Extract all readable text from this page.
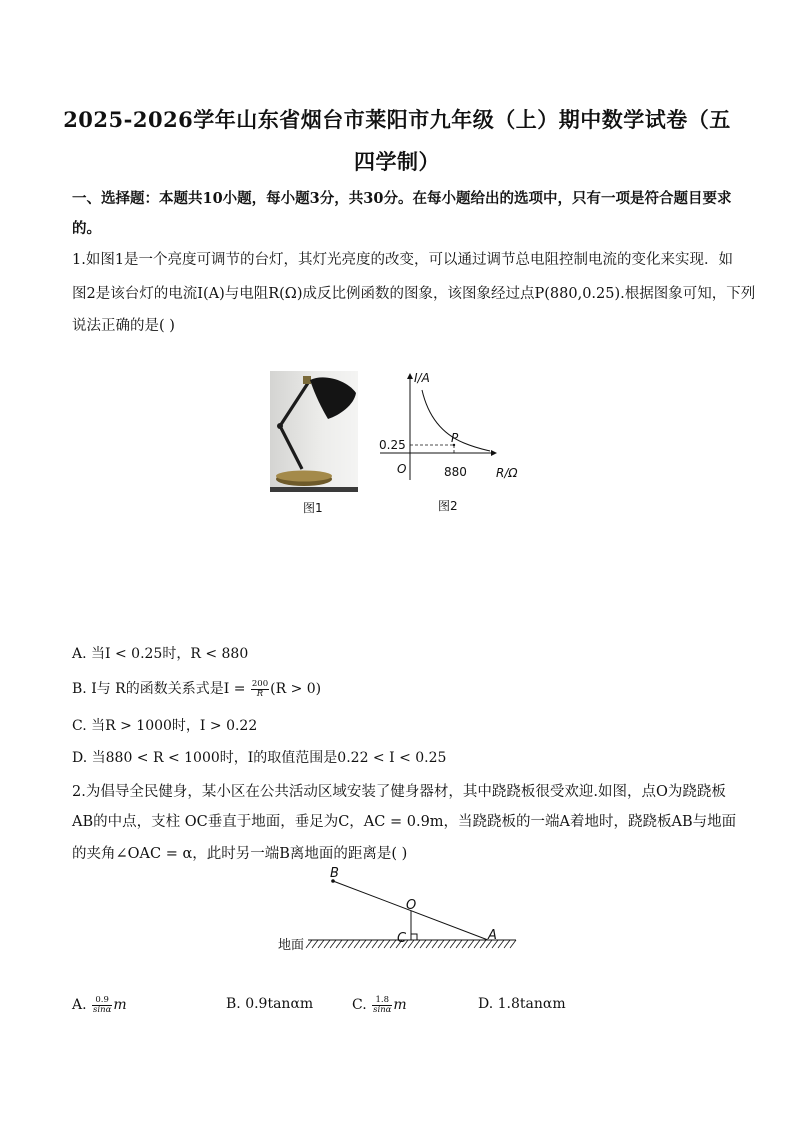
2025-2026学年山东省烟台市莱阳市九年级（上）期中数学试卷（五
四学制）
一、选择题：本题共10小题，每小题3分，共30分。在每小题给出的选项中，只有一项是符合题目要求
的。
1.如图1是一个亮度可调节的台灯，其灯光亮度的改变，可以通过调节总电阻控制电流的变化来实现．如
图2是该台灯的电流I(A)与电阻R(Ω)成反比例函数的图象，该图象经过点P(880,0.25).根据图象可知，下列
说法正确的是( )
图1
I/A
0.25	P
O	880 R/Ω
图2
A. 当I < 0.25时，R < 880
B. I与 R的函数关系式是$I = \frac{200}{R} (R > 0)$
C. 当R > 1000时，I > 0.22
D. 当880 < R < 1000时，I的取值范围是0.22 < I < 0.25
2.为倡导全民健身，某小区在公共活动区域安装了健身器材，其中跷跷板很受欢迎.如图，点O为跷跷板
AB的中点，支柱 OC垂直于地面，垂足为C，AC = 0.9m，当跷跷板的一端A着地时，跷跷板AB与地面
的夹角∠OAC = α，此时另一端B离地面的距离是( )
地面
B
O
C	A
A. $\frac{0.9}{\sin\alpha}$ m	B. 0.9tanαm	C. $\frac{1.8}{\sin\alpha}$ m	D. 1.8tanαm
